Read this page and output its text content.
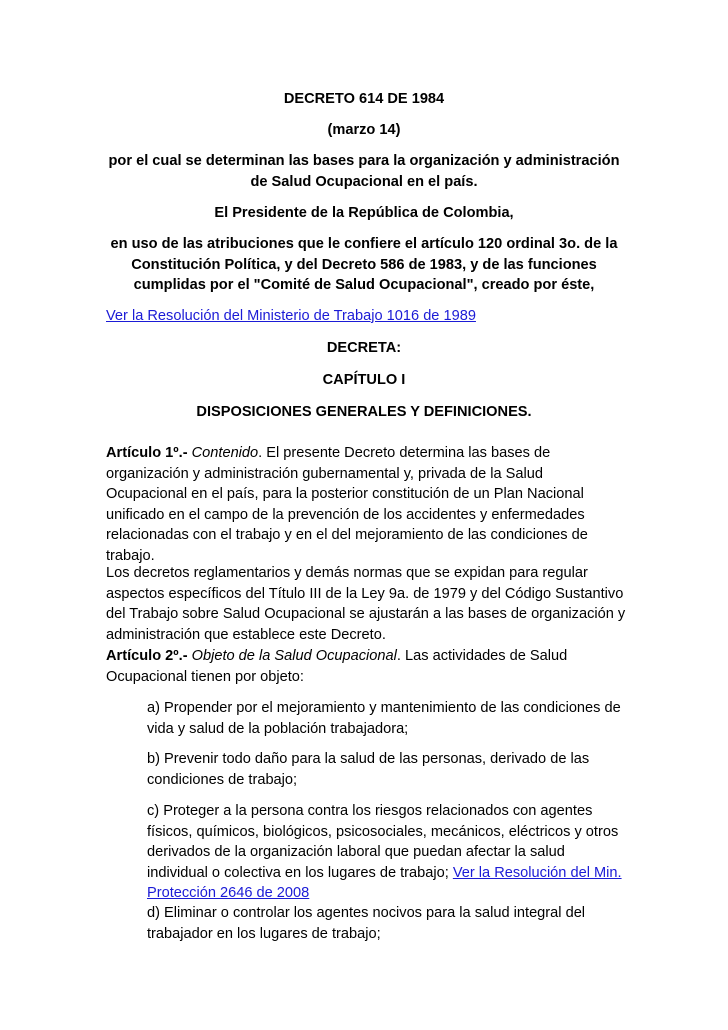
DECRETO 614 DE 1984
(marzo 14)
por el cual se determinan las bases para la organización y administración
de Salud Ocupacional en el país.
El Presidente de la República de Colombia,
en uso de las atribuciones que le confiere el artículo 120 ordinal 3o. de la
Constitución Política, y del Decreto 586 de 1983, y de las funciones
cumplidas por el "Comité de Salud Ocupacional", creado por éste,
Ver la Resolución del Ministerio de Trabajo 1016 de 1989
DECRETA:
CAPÍTULO I
DISPOSICIONES GENERALES Y DEFINICIONES.
Artículo 1º.- Contenido. El presente Decreto determina las bases de organización y administración gubernamental y, privada de la Salud Ocupacional en el país, para la posterior constitución de un Plan Nacional unificado en el campo de la prevención de los accidentes y enfermedades relacionadas con el trabajo y en el del mejoramiento de las condiciones de trabajo.
Los decretos reglamentarios y demás normas que se expidan para regular aspectos específicos del Título III de la Ley 9a. de 1979 y del Código Sustantivo del Trabajo sobre Salud Ocupacional se ajustarán a las bases de organización y administración que establece este Decreto.
Artículo 2º.- Objeto de la Salud Ocupacional. Las actividades de Salud Ocupacional tienen por objeto:
a) Propender por el mejoramiento y mantenimiento de las condiciones de vida y salud de la población trabajadora;
b) Prevenir todo daño para la salud de las personas, derivado de las condiciones de trabajo;
c) Proteger a la persona contra los riesgos relacionados con agentes físicos, químicos, biológicos, psicosociales, mecánicos, eléctricos y otros derivados de la organización laboral que puedan afectar la salud individual o colectiva en los lugares de trabajo; Ver la Resolución del Min. Protección 2646 de 2008
d) Eliminar o controlar los agentes nocivos para la salud integral del trabajador en los lugares de trabajo;
